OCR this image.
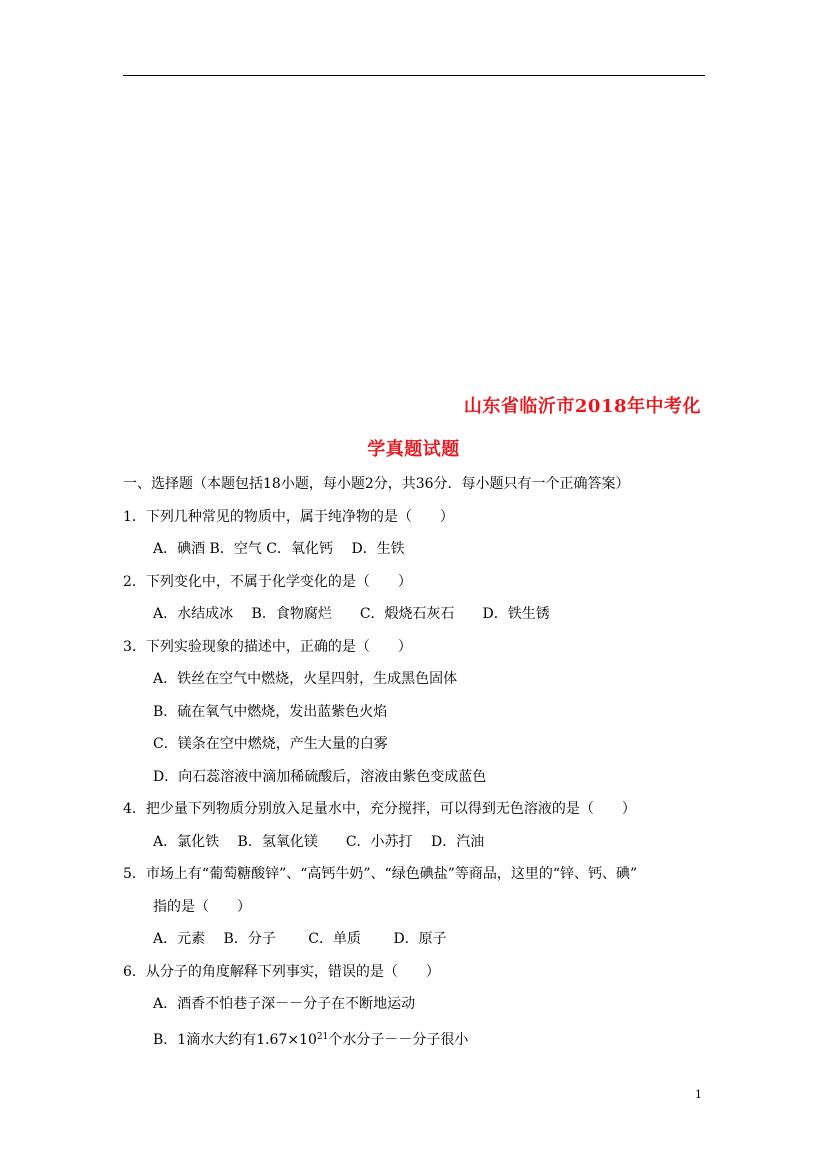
山东省临沂市2018年中考化
学真题试题
一、选择题（本题包括18小题，每小题2分，共36分．每小题只有一个正确答案）
1．下列几种常见的物质中，属于纯净物的是（　　）
A．碘酒 B．空气 C．氧化钙　 D．生铁
2．下列变化中，不属于化学变化的是（　　）
A．水结成冰　 B．食物腐烂　　C．煅烧石灰石　　D．铁生锈
3．下列实验现象的描述中，正确的是（　　）
A．铁丝在空气中燃烧，火星四射，生成黑色固体
B．硫在氧气中燃烧，发出蓝紫色火焰
C．镁条在空中燃烧，产生大量的白雾
D．向石蕊溶液中滴加稀硫酸后，溶液由紫色变成蓝色
4．把少量下列物质分别放入足量水中，充分搅拌，可以得到无色溶液的是（　　）
A．氯化铁　 B．氢氧化镁　　C．小苏打　 D．汽油
5．市场上有“葡萄糖酸锌”、“高钙牛奶”、“绿色碘盐”等商品，这里的“锌、钙、碘”
指的是（　　）
A．元素　 B．分子　　 C．单质　　 D．原子
6．从分子的角度解释下列事实，错误的是（　　）
A．酒香不怕巷子深－－分子在不断地运动
B．1滴水大约有$1.67\times 10^{21}$个水分子－－分子很小
1
